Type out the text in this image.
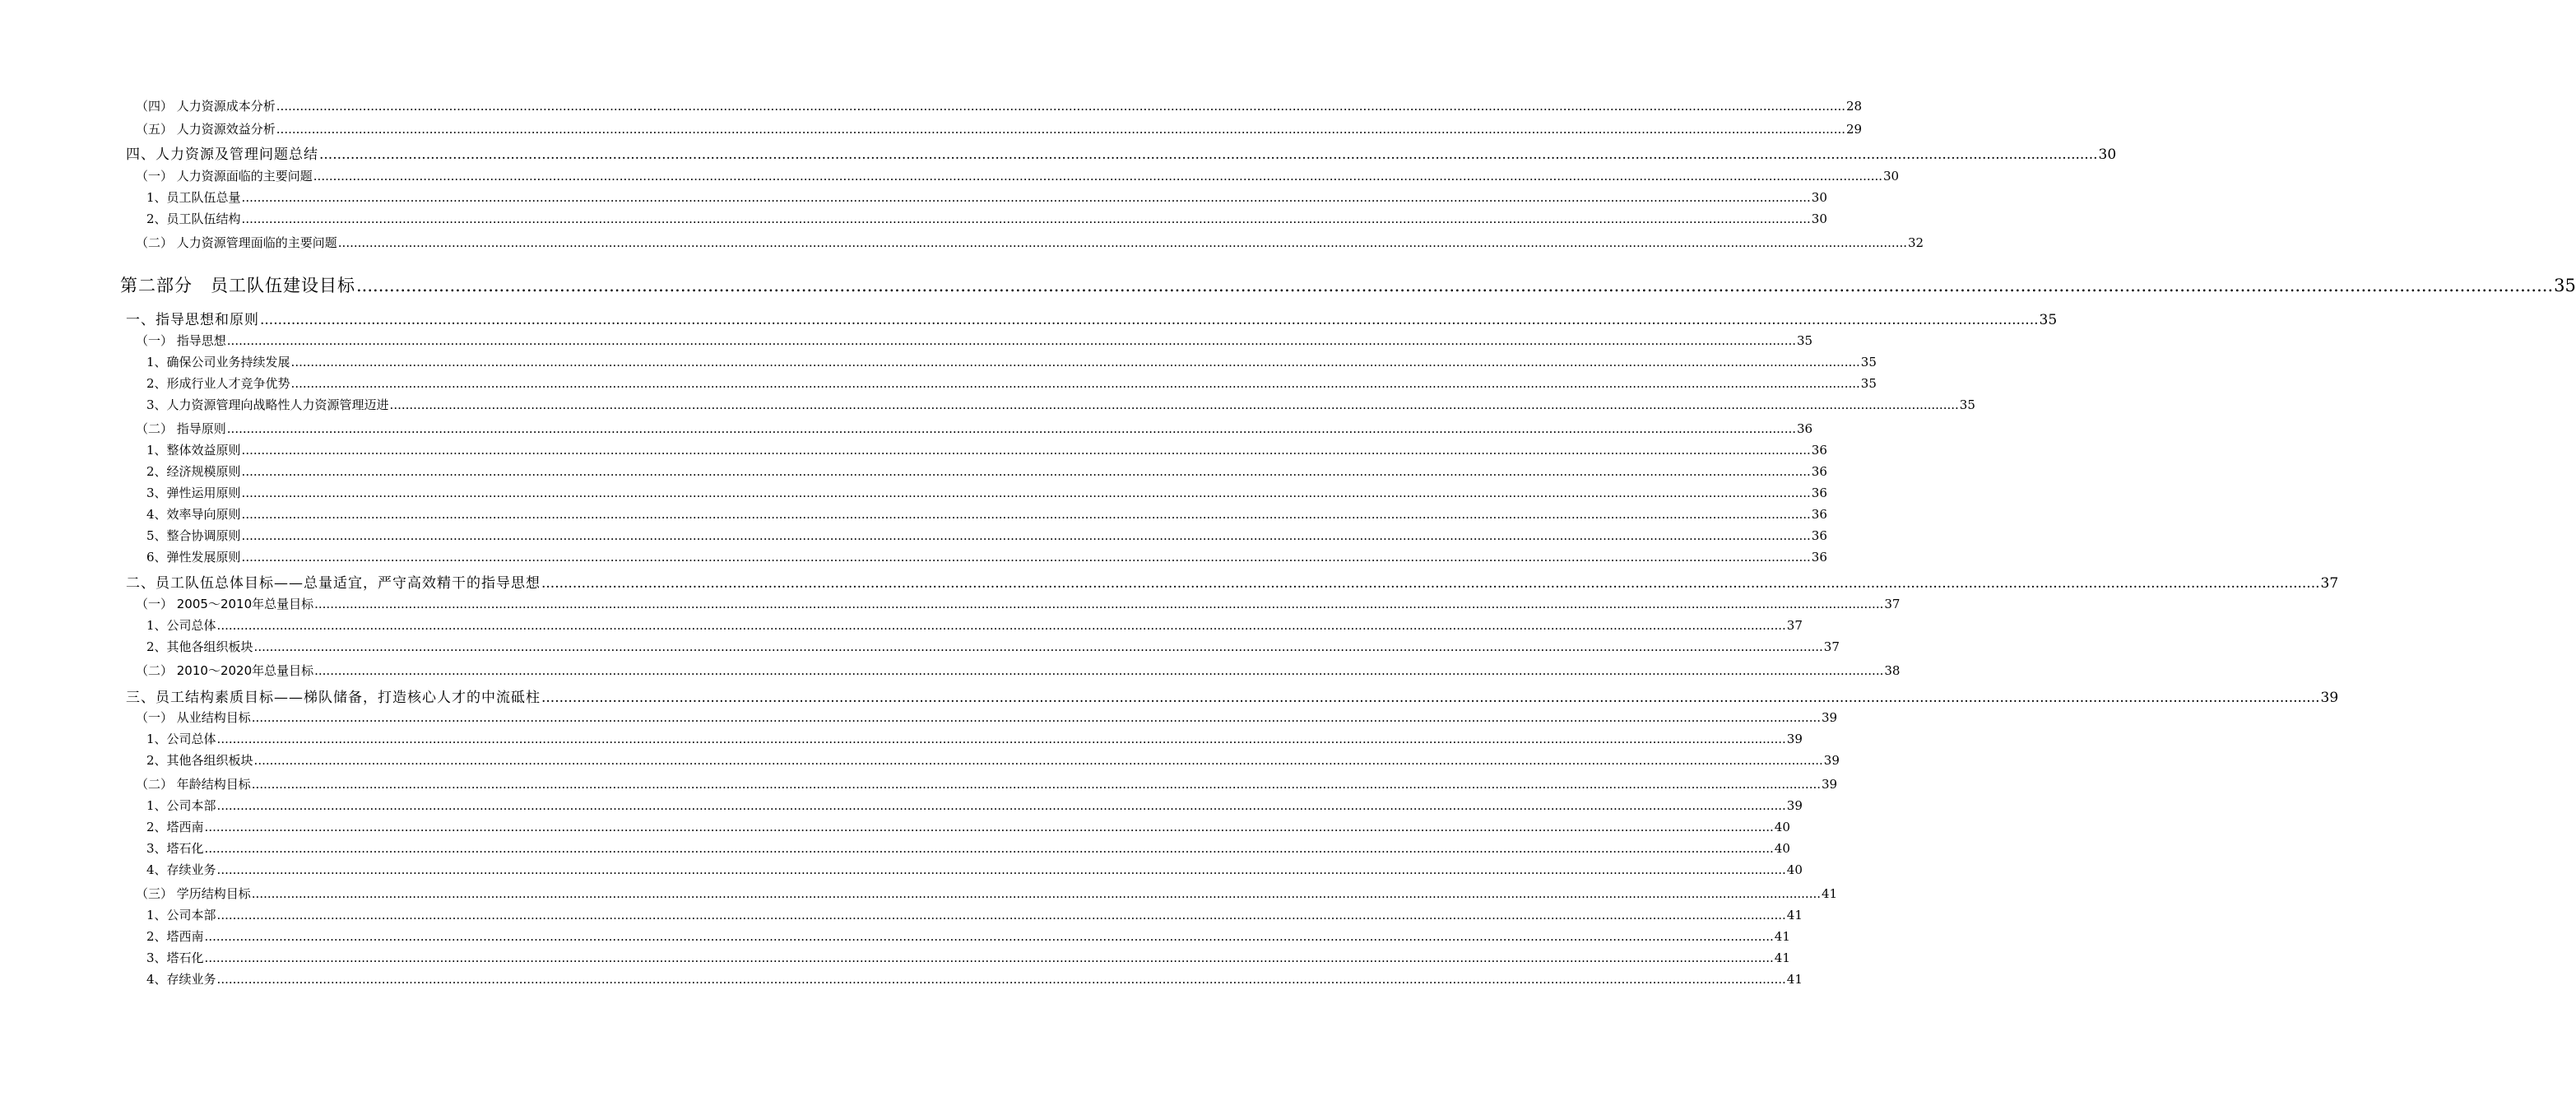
（四） 人力资源成本分析 ................................................................................................................................................................................................................................................................................................................................................................................................................ 28
（五） 人力资源效益分析 ................................................................................................................................................................................................................................................................................................................................................................................................................ 29
四、人力资源及管理问题总结 ................................................................................................................................................................................................................................................................................................................................................................................................................ 30
（一） 人力资源面临的主要问题 ................................................................................................................................................................................................................................................................................................................................................................................................................ 30
1、员工队伍总量 ................................................................................................................................................................................................................................................................................................................................................................................................................ 30
2、员工队伍结构 ................................................................................................................................................................................................................................................................................................................................................................................................................ 30
（二） 人力资源管理面临的主要问题 ................................................................................................................................................................................................................................................................................................................................................................................................................ 32
第二部分　员工队伍建设目标 ................................................................................................................................................................................................................................................................................................................................................................................................................ 35
一、指导思想和原则 ................................................................................................................................................................................................................................................................................................................................................................................................................ 35
（一） 指导思想 ................................................................................................................................................................................................................................................................................................................................................................................................................ 35
1、确保公司业务持续发展 ................................................................................................................................................................................................................................................................................................................................................................................................................ 35
2、形成行业人才竞争优势 ................................................................................................................................................................................................................................................................................................................................................................................................................ 35
3、人力资源管理向战略性人力资源管理迈进 ................................................................................................................................................................................................................................................................................................................................................................................................................ 35
（二） 指导原则 ................................................................................................................................................................................................................................................................................................................................................................................................................ 36
1、整体效益原则 ................................................................................................................................................................................................................................................................................................................................................................................................................ 36
2、经济规模原则 ................................................................................................................................................................................................................................................................................................................................................................................................................ 36
3、弹性运用原则 ................................................................................................................................................................................................................................................................................................................................................................................................................ 36
4、效率导向原则 ................................................................................................................................................................................................................................................................................................................................................................................................................ 36
5、整合协调原则 ................................................................................................................................................................................................................................................................................................................................................................................................................ 36
6、弹性发展原则 ................................................................................................................................................................................................................................................................................................................................................................................................................ 36
二、员工队伍总体目标——总量适宜，严守高效精干的指导思想 ................................................................................................................................................................................................................................................................................................................................................................................................................ 37
（一） 2005～2010年总量目标 ................................................................................................................................................................................................................................................................................................................................................................................................................ 37
1、公司总体 ................................................................................................................................................................................................................................................................................................................................................................................................................ 37
2、其他各组织板块 ................................................................................................................................................................................................................................................................................................................................................................................................................ 37
（二） 2010～2020年总量目标 ................................................................................................................................................................................................................................................................................................................................................................................................................ 38
三、员工结构素质目标——梯队储备，打造核心人才的中流砥柱 ................................................................................................................................................................................................................................................................................................................................................................................................................ 39
（一） 从业结构目标 ................................................................................................................................................................................................................................................................................................................................................................................................................ 39
1、公司总体 ................................................................................................................................................................................................................................................................................................................................................................................................................ 39
2、其他各组织板块 ................................................................................................................................................................................................................................................................................................................................................................................................................ 39
（二） 年龄结构目标 ................................................................................................................................................................................................................................................................................................................................................................................................................ 39
1、公司本部 ................................................................................................................................................................................................................................................................................................................................................................................................................ 39
2、塔西南 ................................................................................................................................................................................................................................................................................................................................................................................................................ 40
3、塔石化 ................................................................................................................................................................................................................................................................................................................................................................................................................ 40
4、存续业务 ................................................................................................................................................................................................................................................................................................................................................................................................................ 40
（三） 学历结构目标 ................................................................................................................................................................................................................................................................................................................................................................................................................ 41
1、公司本部 ................................................................................................................................................................................................................................................................................................................................................................................................................ 41
2、塔西南 ................................................................................................................................................................................................................................................................................................................................................................................................................ 41
3、塔石化 ................................................................................................................................................................................................................................................................................................................................................................................................................ 41
4、存续业务 ................................................................................................................................................................................................................................................................................................................................................................................................................ 41
